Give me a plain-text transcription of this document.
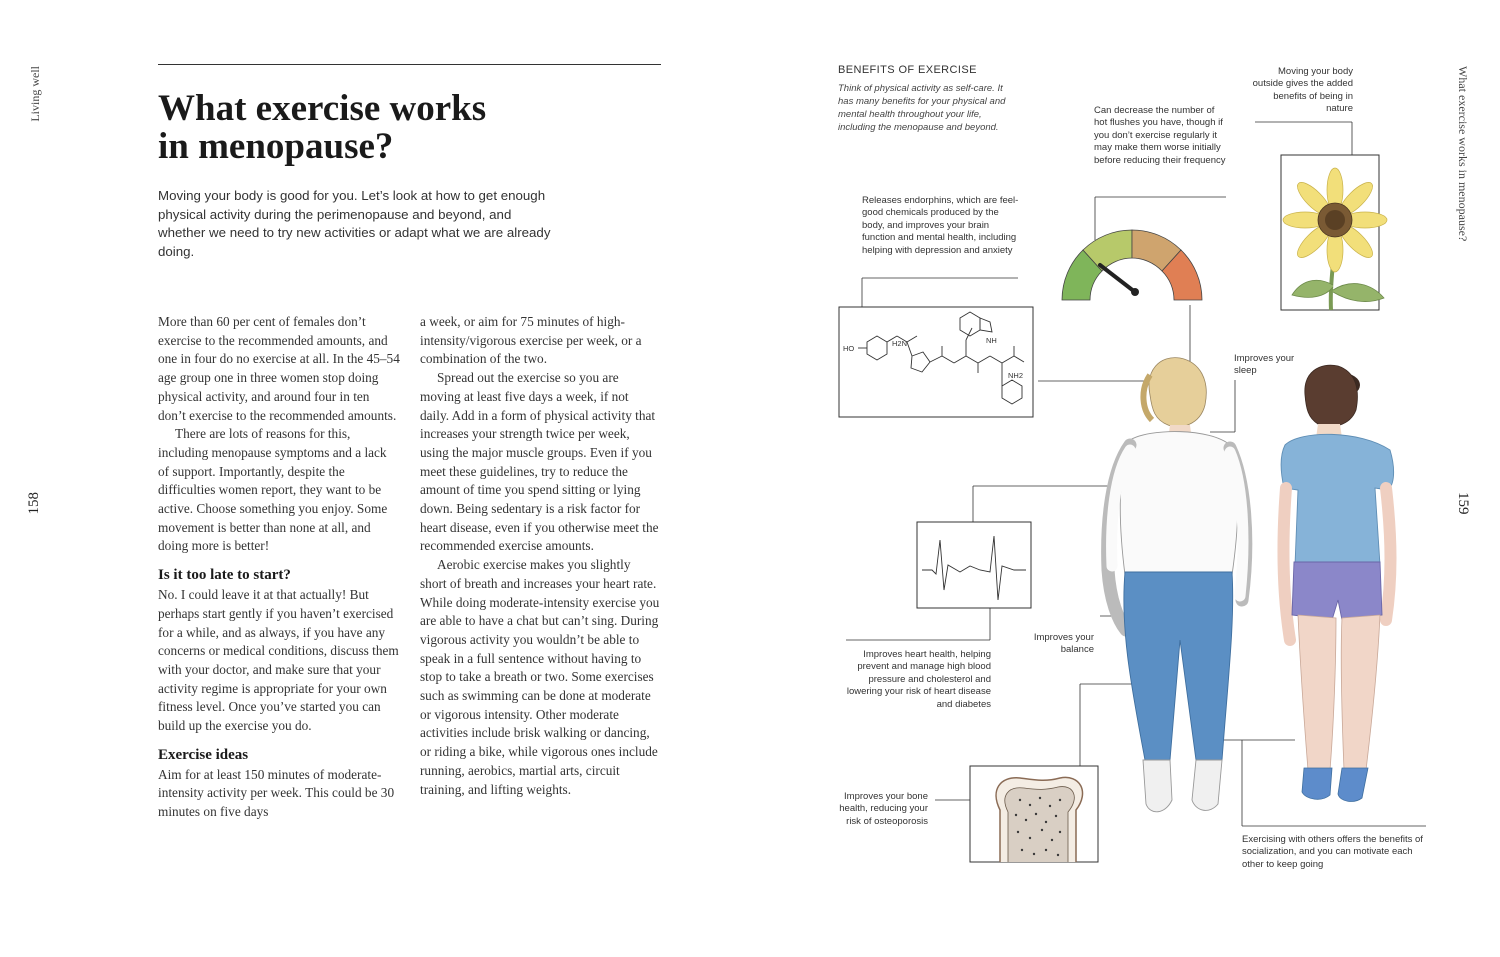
Living well	What exercise works in menopause?
158	159
What exercise works
in menopause?

Moving your body is good for you. Let’s look at how to get enough physical activity during the perimenopause and beyond, and whether we need to try new activities or adapt what we are already doing.

More than 60 per cent of females don’t exercise to the recommended amounts, and one in four do no exercise at all. In the 45–54 age group one in three women stop doing physical activity, and around four in ten don’t exercise to the recommended amounts.

There are lots of reasons for this, including menopause symptoms and a lack of support. Importantly, despite the difficulties women report, they want to be active. Choose something you enjoy. Some movement is better than none at all, and doing more is better!

Is it too late to start?

No. I could leave it at that actually! But perhaps start gently if you haven’t exercised for a while, and as always, if you have any concerns or medical conditions, discuss them with your doctor, and make sure that your activity regime is appropriate for your own fitness level. Once you’ve started you can build up the exercise you do.

Exercise ideas

Aim for at least 150 minutes of moderate-intensity activity per week. This could be 30 minutes on five days

a week, or aim for 75 minutes of high-intensity/vigorous exercise per week, or a combination of the two.

Spread out the exercise so you are moving at least five days a week, if not daily. Add in a form of physical activity that increases your strength twice per week, using the major muscle groups. Even if you meet these guidelines, try to reduce the amount of time you spend sitting or lying down. Being sedentary is a risk factor for heart disease, even if you otherwise meet the recommended exercise amounts.

Aerobic exercise makes you slightly short of breath and increases your heart rate. While doing moderate-intensity exercise you are able to have a chat but can’t sing. During vigorous activity you wouldn’t be able to speak in a full sentence without having to stop to take a breath or two. Some exercises such as swimming can be done at moderate or vigorous intensity. Other moderate activities include brisk walking or dancing, or riding a bike, while vigorous ones include running, aerobics, martial arts, circuit training, and lifting weights.

HO
H2N	NH
NH2
BENEFITS OF EXERCISE

Think of physical activity as self-care. It has many benefits for your physical and mental health throughout your life, including the menopause and beyond.

Can decrease the number of hot flushes you have, though if you don’t exercise regularly it may make them worse initially before reducing their frequency

Moving your body outside gives the added benefits of being in nature

Releases endorphins, which are feel-good chemicals produced by the body, and improves your brain function and mental health, including helping with depression and anxiety

Improves your sleep

Improves your balance

Improves heart health, helping prevent and manage high blood pressure and cholesterol and lowering your risk of heart disease and diabetes

Improves your bone health, reducing your risk of osteoporosis

Exercising with others offers the benefits of socialization, and you can motivate each other to keep going
